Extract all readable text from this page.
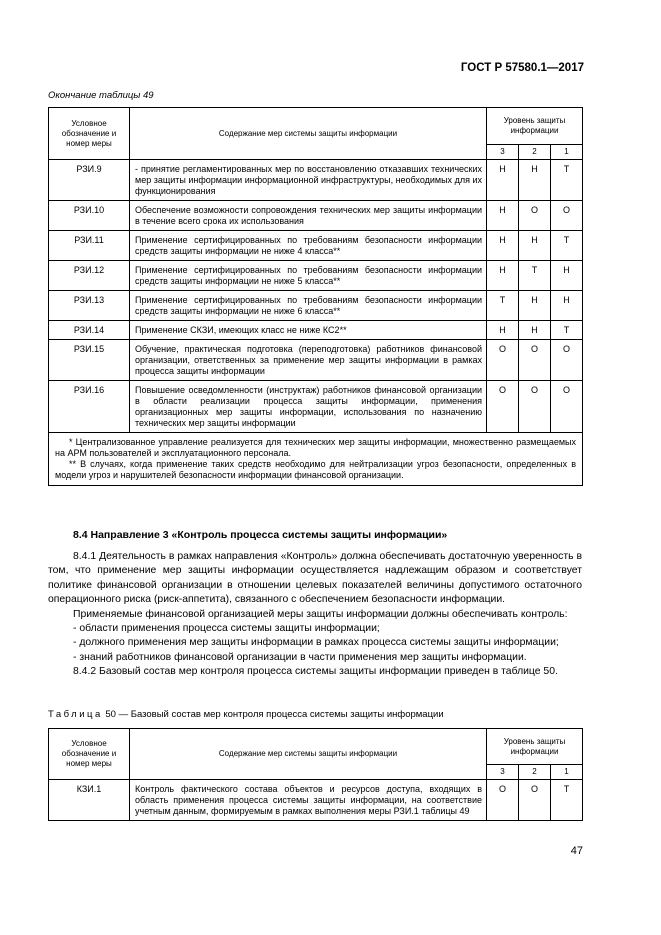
ГОСТ Р 57580.1—2017
Окончание таблицы 49
Условное обозначение и номер меры	Содержание мер системы защиты информации	Уровень защиты информации		
		3	2	1
РЗИ.9	- принятие регламентированных мер по восстановлению отказавших технических мер защиты информации информационной инфраструктуры, необходимых для их функционирования	Н	Н	Т
РЗИ.10	Обеспечение возможности сопровождения технических мер защиты информации в течение всего срока их использования	Н	О	О
РЗИ.11	Применение сертифицированных по требованиям безопасности информации средств защиты информации не ниже 4 класса**	Н	Н	Т
РЗИ.12	Применение сертифицированных по требованиям безопасности информации средств защиты информации не ниже 5 класса**	Н	Т	Н
РЗИ.13	Применение сертифицированных по требованиям безопасности информации средств защиты информации не ниже 6 класса**	Т	Н	Н
РЗИ.14	Применение СКЗИ, имеющих класс не ниже КС2**	Н	Н	Т
РЗИ.15	Обучение, практическая подготовка (переподготовка) работников финансовой организации, ответственных за применение мер защиты информации в рамках процесса защиты информации	О	О	О
РЗИ.16	Повышение осведомленности (инструктаж) работников финансовой организации в области реализации процесса защиты информации, применения организационных мер защиты информации, использования по назначению технических мер защиты информации	О	О	О

* Централизованное управление реализуется для технических мер защиты информации, множественно размещаемых на АРМ пользователей и эксплуатационного персонала.

** В случаях, когда применение таких средств необходимо для нейтрализации угроз безопасности, определенных в модели угроз и нарушителей безопасности информации финансовой организации.				

8.4 Направление 3 «Контроль процесса системы защиты информации»

8.4.1 Деятельность в рамках направления «Контроль» должна обеспечивать достаточную уверенность в том, что применение мер защиты информации осуществляется надлежащим образом и соответствует политике финансовой организации в отношении целевых показателей величины допустимого остаточного операционного риска (риск-аппетита), связанного с обеспечением безопасности информации.

Применяемые финансовой организацией меры защиты информации должны обеспечивать контроль:

- области применения процесса системы защиты информации;

- должного применения мер защиты информации в рамках процесса системы защиты информации;

- знаний работников финансовой организации в части применения мер защиты информации.

8.4.2 Базовый состав мер контроля процесса системы защиты информации приведен в таблице 50.

Таблица 50 — Базовый состав мер контроля процесса системы защиты информации
Условное обозначение и номер меры	Содержание мер системы защиты информации	Уровень защиты информации		
		3	2	1
КЗИ.1	Контроль фактического состава объектов и ресурсов доступа, входящих в область применения процесса системы защиты информации, на соответствие учетным данным, формируемым в рамках выполнения меры РЗИ.1 таблицы 49	О	О	Т
47
